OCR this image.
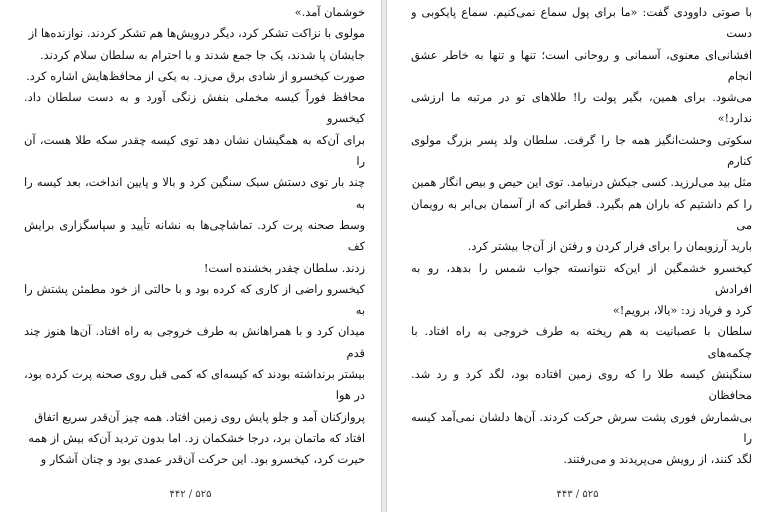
خوشمان آمد.»

مولوی با نزاکت تشکر کرد، دیگر درویش‌ها هم تشکر کردند. نوازنده‌ها از

جایشان پا شدند، یک جا جمع شدند و با احترام به سلطان سلام کردند.

صورت کیخسرو از شادی برق می‌زد. به یکی از محافظ‌هایش اشاره کرد.

محافظ فوراً کیسه مخملی بنفش زنگی آورد و به دست سلطان داد. کیخسرو

برای آن‌که به همگیشان نشان دهد توی کیسه چقدر سکه طلا هست، آن را

چند بار توی دستش سبک سنگین کرد و بالا و پایین انداخت، بعد کیسه را به

وسط صحنه پرت کرد. تماشاچی‌ها به نشانه تأیید و سپاسگزاری برایش کف

زدند. سلطان چقدر بخشنده است!

کیخسرو راضی از کاری که کرده بود و با حالتی از خود مطمئن پشتش را به

میدان کرد و با همراهانش به طرف خروجی به راه افتاد. آن‌ها هنوز چند قدم

بیشتر برنداشته بودند که کیسه‌ای که کمی قبل روی صحنه پرت کرده بود، در هوا

پروازکنان آمد و جلو پایش روی زمین افتاد. همه چیز آن‌قدر سریع اتفاق

افتاد که ماتمان برد، درجا خشکمان زد. اما بدون تردید آن‌که بیش از همه

حیرت کرد، کیخسرو بود. این حرکت آن‌قدر عمدی بود و چنان آشکار و

۵۲۵ / ۴۴۲

با صوتی داوودی گفت: «ما برای پول سماع نمی‌کنیم. سماع پایکوبی و دست

افشانی‌ای معنوی، آسمانی و روحانی است؛ تنها و تنها به خاطر عشق انجام

می‌شود. برای همین، بگیر پولت را! طلاهای تو در مرتبه ما ارزشی ندارد!»

سکوتی وحشت‌انگیز همه جا را گرفت. سلطان ولد پسر بزرگ مولوی کنارم

مثل بید می‌لرزید. کسی جیکش درنیامد. توی این حیص و بیص انگار همین

را کم داشتیم که باران هم بگیرد. قطراتی که از آسمان بی‌ابر به رویمان می

بارید آرزویمان را برای فرار کردن و رفتن از آن‌جا بیشتر کرد.

کیخسرو خشمگین از این‌که نتوانسته جواب شمس را بدهد، رو به افرادش

کرد و فریاد زد: «یالا، برویم!»

سلطان با عصبانیت به هم ریخته به طرف خروجی به راه افتاد. با چکمه‌های

سنگینش کیسه طلا را که روی زمین افتاده بود، لگد کرد و رد شد. محافظان

بی‌شمارش فوری پشت سرش حرکت کردند. آن‌ها دلشان نمی‌آمد کیسه را

لگد کنند، از رویش می‌پریدند و می‌رفتند.

۵۲۵ / ۴۴۳
